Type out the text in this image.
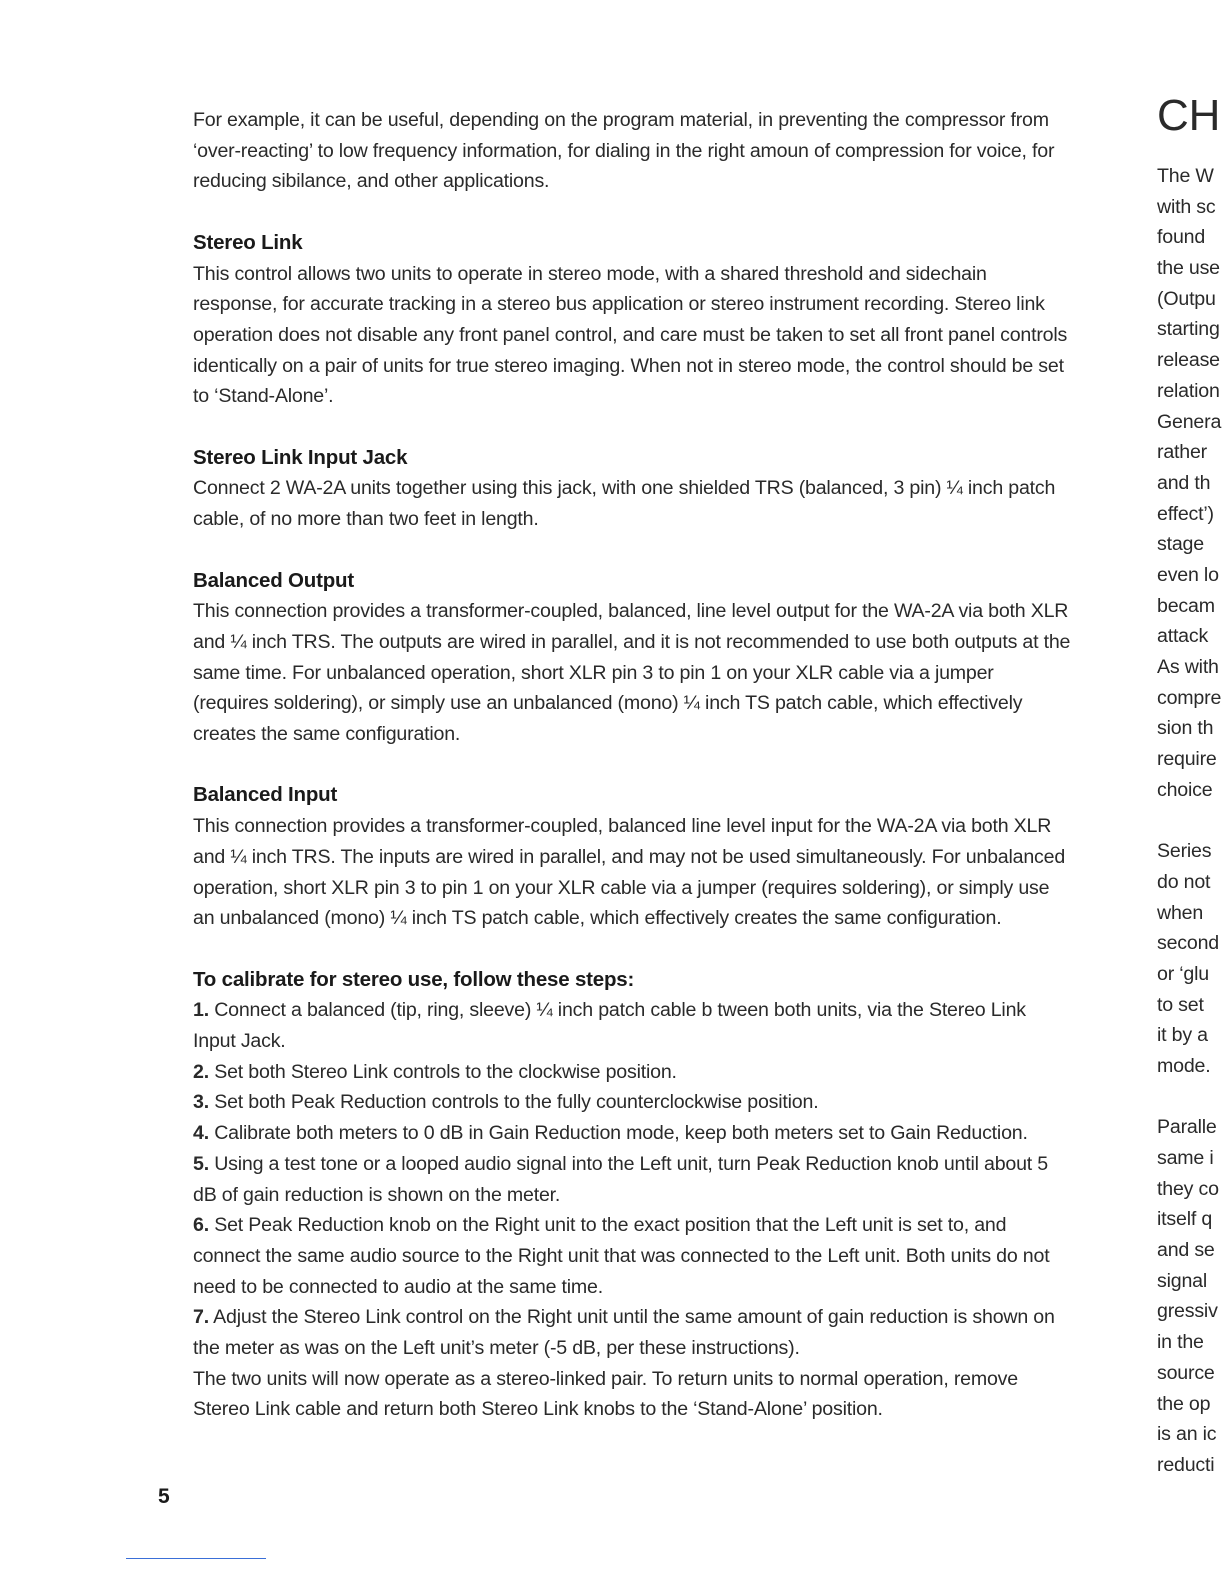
For example, it can be useful, depending on the program material, in preventing the compressor from ‘over-reacting’ to low frequency information, for dialing in the right amoun of compression for voice, for reducing sibilance, and other applications.

Stereo Link

This control allows two units to operate in stereo mode, with a shared threshold and sidechain response, for accurate tracking in a stereo bus application or stereo instrument recording. Stereo link operation does not disable any front panel control, and care must be taken to set all front panel controls identically on a pair of units for true stereo imaging. When not in stereo mode, the control should be set to ‘Stand-Alone’.

Stereo Link Input Jack

Connect 2 WA-2A units together using this jack, with one shielded TRS (balanced, 3 pin) ¼ inch patch cable, of no more than two feet in length.

Balanced Output

This connection provides a transformer-coupled, balanced, line level output for the WA-2A via both XLR and ¼ inch TRS. The outputs are wired in parallel, and it is not recommended to use both outputs at the same time. For unbalanced operation, short XLR pin 3 to pin 1 on your XLR cable via a jumper (requires soldering), or simply use an unbalanced (mono) ¼ inch TS patch cable, which effectively creates the same configuration.

Balanced Input

This connection provides a transformer-coupled, balanced line level input for the WA-2A via both XLR and ¼ inch TRS. The inputs are wired in parallel, and may not be used simultaneously. For unbalanced operation, short XLR pin 3 to pin 1 on your XLR cable via a jumper (requires soldering), or simply use an unbalanced (mono) ¼ inch TS patch cable, which effectively creates the same configuration.

To calibrate for stereo use, follow these steps:

1. Connect a balanced (tip, ring, sleeve) ¼ inch patch cable b tween both units, via the Stereo Link Input Jack.

2. Set both Stereo Link controls to the clockwise position.

3. Set both Peak Reduction controls to the fully counterclockwise position.

4. Calibrate both meters to 0 dB in Gain Reduction mode, keep both meters set to Gain Reduction.

5. Using a test tone or a looped audio signal into the Left unit, turn Peak Reduction knob until about 5 dB of gain reduction is shown on the meter.

6. Set Peak Reduction knob on the Right unit to the exact position that the Left unit is set to, and connect the same audio source to the Right unit that was connected to the Left unit. Both units do not need to be connected to audio at the same time.

7. Adjust the Stereo Link control on the Right unit until the same amount of gain reduction is shown on the meter as was on the Left unit’s meter (-5 dB, per these instructions).

The two units will now operate as a stereo-linked pair. To return units to normal operation, remove Stereo Link cable and return both Stereo Link knobs to the ‘Stand-Alone’ position.

5
CH
The W
with sc
found
the use
(Outpu
starting
release
relation
Genera
rather
and th
effect’)
stage
even lo
becam
attack
As with
compre
sion th
require
choice
Series
do not
when
second
or ‘glu
to set
it by a
mode.
Paralle
same i
they co
itself q
and se
signal
gressiv
in the
source
the op
is an ic
reducti
